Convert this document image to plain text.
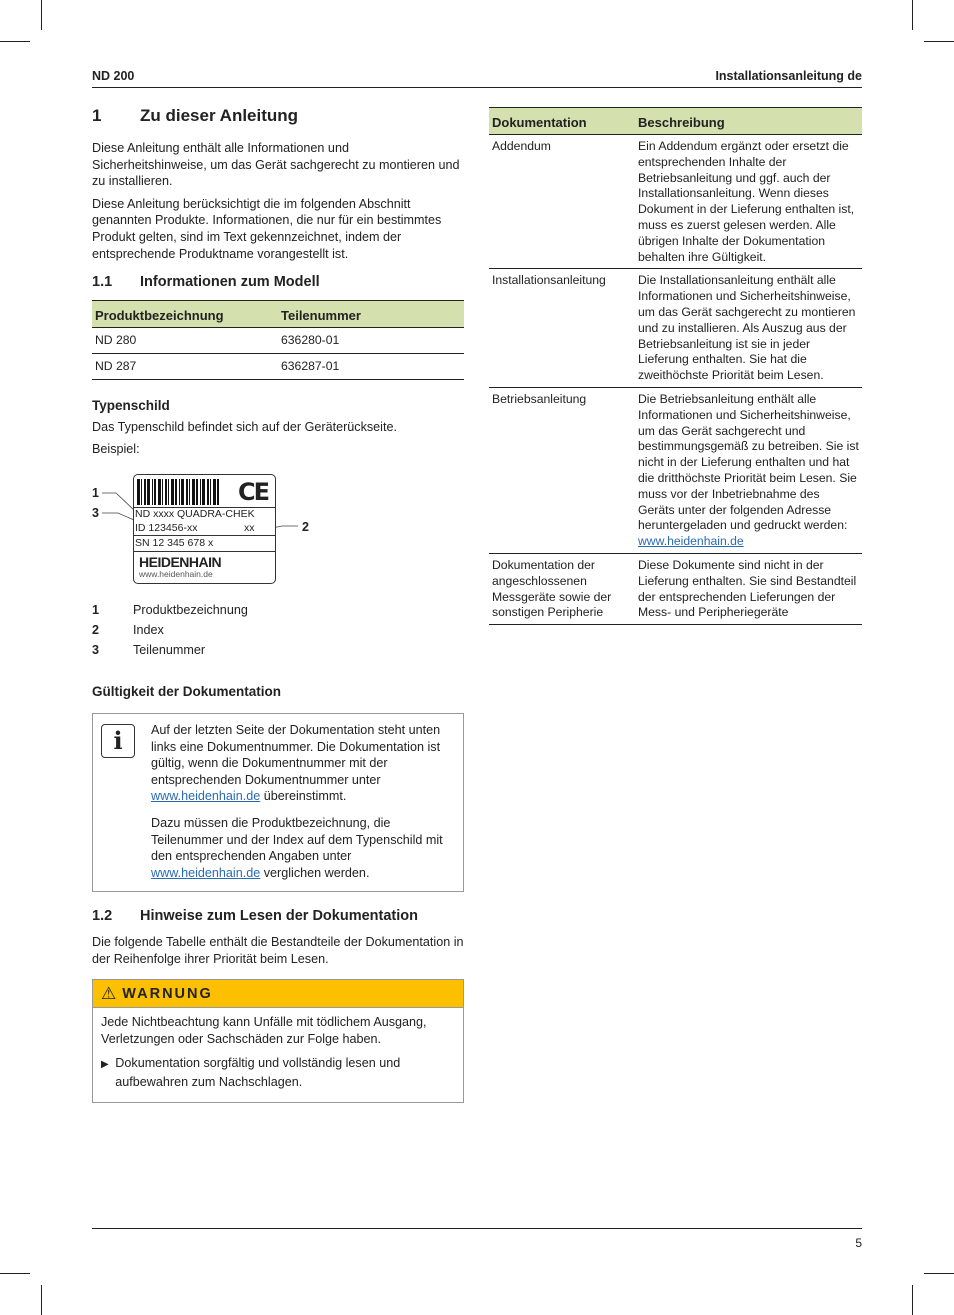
ND 200	Installationsanleitung de
1	Zu dieser Anleitung

Diese Anleitung enthält alle Informationen und Sicherheitshinweise, um das Gerät sachgerecht zu montieren und zu installieren.

Diese Anleitung berücksichtigt die im folgenden Abschnitt genannten Produkte. Informationen, die nur für ein bestimmtes Produkt gelten, sind im Text gekennzeichnet, indem der entsprechende Produktname vorangestellt ist.

1.1	Informationen zum Modell
Produktbezeichnung	Teilenummer
ND 280	636280-01
ND 287	636287-01
Typenschild

Das Typenschild befindet sich auf der Geräterückseite.

Beispiel:

1
3
2
CE
ND xxxx QUADRA-CHEK
ID 123456-xx	xx
SN 12 345 678 x
HEIDENHAIN
www.heidenhain.de
1	Produktbezeichnung
2	Index
3	Teilenummer
Gültigkeit der Dokumentation
i	Auf der letzten Seite der Dokumentation steht unten links eine Dokumentnummer. Die Dokumentation ist gültig, wenn die Dokumentnummer mit der entsprechenden Dokumentnummer unter www.heidenhain.de übereinstimmt.

Dazu müssen die Produktbezeichnung, die Teilenummer und der Index auf dem Typenschild mit den entsprechenden Angaben unter www.heidenhain.de verglichen werden.

1.2	Hinweise zum Lesen der Dokumentation

Die folgende Tabelle enthält die Bestandteile der Dokumentation in der Reihenfolge ihrer Priorität beim Lesen.

⚠ WARNUNG

Jede Nichtbeachtung kann Unfälle mit tödlichem Ausgang, Verletzungen oder Sachschäden zur Folge haben.

▶ Dokumentation sorgfältig und vollständig lesen und aufbewahren zum Nachschlagen.
Dokumentation	Beschreibung
Addendum	Ein Addendum ergänzt oder ersetzt die entsprechenden Inhalte der Betriebsanleitung und ggf. auch der Installationsanleitung. Wenn dieses Dokument in der Lieferung enthalten ist, muss es zuerst gelesen werden. Alle übrigen Inhalte der Dokumentation behalten ihre Gültigkeit.
Installationsanleitung	Die Installationsanleitung enthält alle Informationen und Sicherheitshinweise, um das Gerät sachgerecht zu montieren und zu installieren. Als Auszug aus der Betriebsanleitung ist sie in jeder Lieferung enthalten. Sie hat die zweithöchste Priorität beim Lesen.
Betriebsanleitung	Die Betriebsanleitung enthält alle Informationen und Sicherheitshinweise, um das Gerät sachgerecht und bestimmungsgemäß zu betreiben. Sie ist nicht in der Lieferung enthalten und hat die dritthöchste Priorität beim Lesen. Sie muss vor der Inbetriebnahme des Geräts unter der folgenden Adresse heruntergeladen und gedruckt werden: www.heidenhain.de
Dokumentation der angeschlossenen Messgeräte sowie der sonstigen Peripherie	Diese Dokumente sind nicht in der Lieferung enthalten. Sie sind Bestandteil der entsprechenden Lieferungen der Mess- und Peripheriegeräte
5
